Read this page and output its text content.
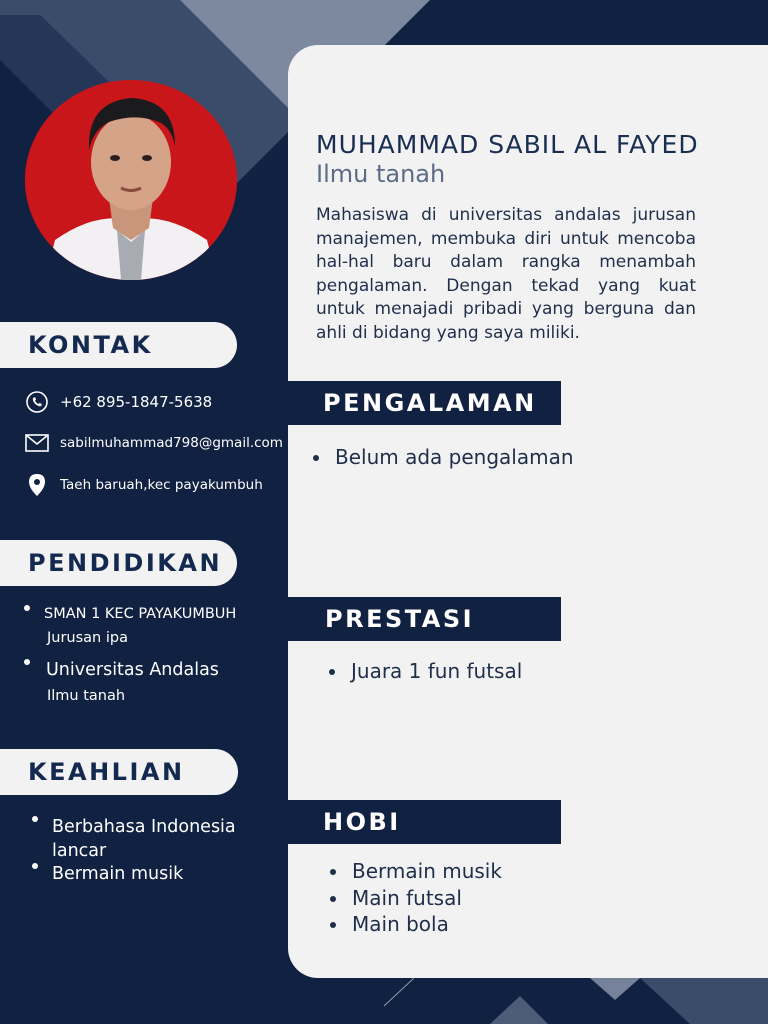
MUHAMMAD SABIL AL FAYED
Ilmu tanah
Mahasiswa di universitas andalas jurusan manajemen, membuka diri untuk mencoba hal-hal baru dalam rangka menambah pengalaman. Dengan tekad yang kuat untuk menajadi pribadi yang berguna dan ahli di bidang yang saya miliki.
KONTAK
+62 895-1847-5638
sabilmuhammad798@gmail.com
Taeh baruah,kec payakumbuh
PENDIDIKAN
SMAN 1 KEC PAYAKUMBUH
Jurusan ipa
Universitas Andalas
Ilmu tanah
KEAHLIAN
Berbahasa Indonesia lancar
Bermain musik
PENGALAMAN
Belum ada pengalaman
PRESTASI
Juara 1 fun futsal
HOBI
Bermain musik
Main futsal
Main bola
